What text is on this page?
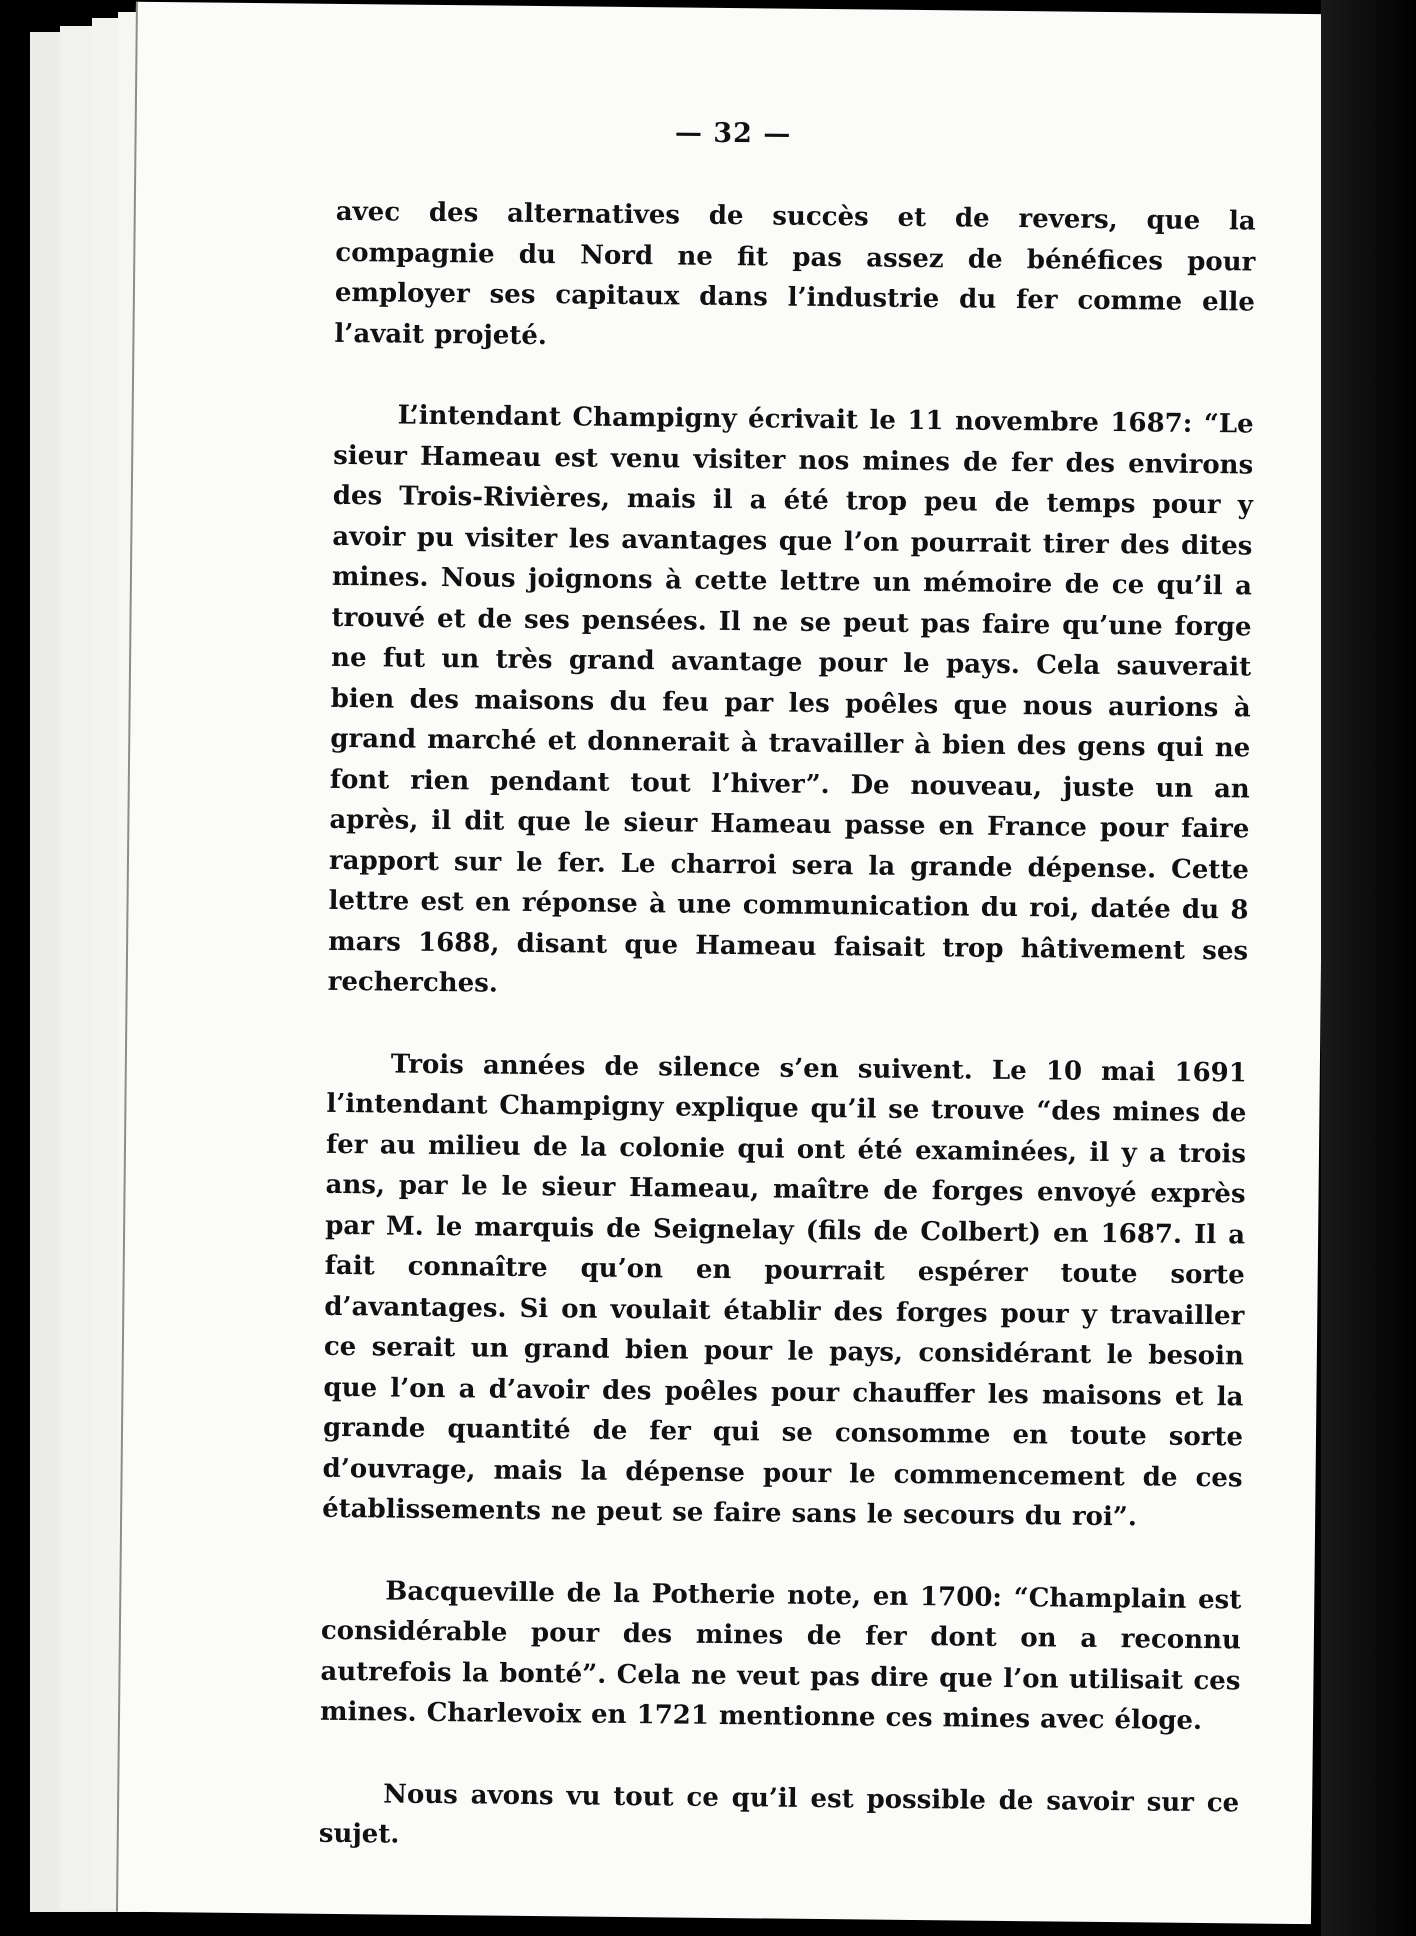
— 32 —

avec des alternatives de succès et de revers, que la compagnie du Nord ne fit pas assez de bénéfices pour employer ses capitaux dans l’industrie du fer comme elle l’avait projeté.

L’intendant Champigny écrivait le 11 novembre 1687: “Le sieur Hameau est venu visiter nos mines de fer des environs des Trois-Rivières, mais il a été trop peu de temps pour y avoir pu visiter les avantages que l’on pourrait tirer des dites mines. Nous joignons à cette lettre un mémoire de ce qu’il a trouvé et de ses pensées. Il ne se peut pas faire qu’une forge ne fut un très grand avantage pour le pays. Cela sauverait bien des maisons du feu par les poêles que nous aurions à grand marché et donnerait à travailler à bien des gens qui ne font rien pendant tout l’hiver”. De nouveau, juste un an après, il dit que le sieur Hameau passe en France pour faire rapport sur le fer. Le charroi sera la grande dépense. Cette lettre est en réponse à une communication du roi, datée du 8 mars 1688, disant que Hameau faisait trop hâtivement ses recherches.

Trois années de silence s’en suivent. Le 10 mai 1691 l’intendant Champigny explique qu’il se trouve “des mines de fer au milieu de la colonie qui ont été examinées, il y a trois ans, par le le sieur Hameau, maître de forges envoyé exprès par M. le marquis de Seignelay (fils de Colbert) en 1687. Il a fait connaître qu’on en pourrait espérer toute sorte d’avantages. Si on voulait établir des forges pour y travailler ce serait un grand bien pour le pays, considérant le besoin que l’on a d’avoir des poêles pour chauffer les maisons et la grande quantité de fer qui se consomme en toute sorte d’ouvrage, mais la dépense pour le commencement de ces établissements ne peut se faire sans le secours du roi”.

Bacqueville de la Potherie note, en 1700: “Champlain est considérable pour des mines de fer dont on a reconnu autrefois la bonté”. Cela ne veut pas dire que l’on utilisait ces mines. Charlevoix en 1721 mentionne ces mines avec éloge.

Nous avons vu tout ce qu’il est possible de savoir sur ce sujet.
